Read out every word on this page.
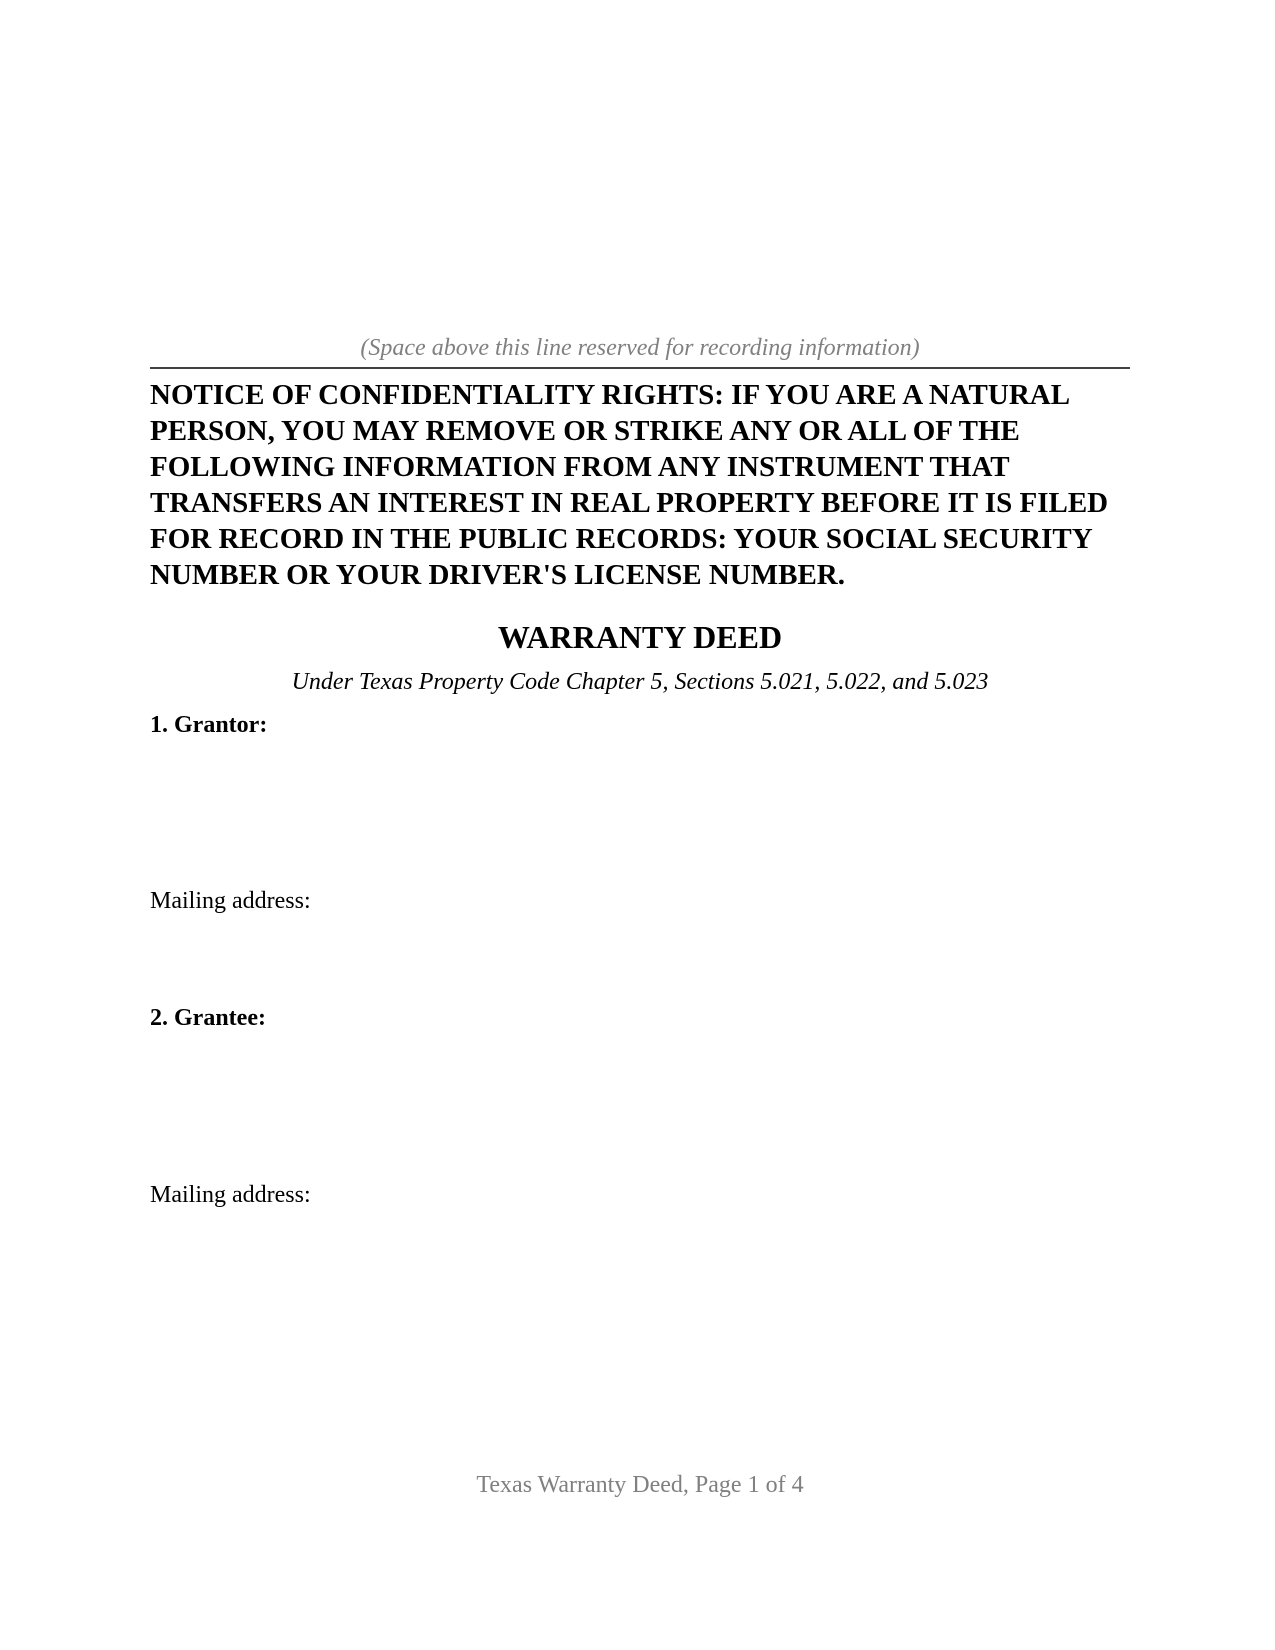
(Space above this line reserved for recording information)

NOTICE OF CONFIDENTIALITY RIGHTS: IF YOU ARE A NATURAL PERSON, YOU MAY REMOVE OR STRIKE ANY OR ALL OF THE FOLLOWING INFORMATION FROM ANY INSTRUMENT THAT TRANSFERS AN INTEREST IN REAL PROPERTY BEFORE IT IS FILED FOR RECORD IN THE PUBLIC RECORDS: YOUR SOCIAL SECURITY NUMBER OR YOUR DRIVER'S LICENSE NUMBER.

WARRANTY DEED
Under Texas Property Code Chapter 5, Sections 5.021, 5.022, and 5.023
1. Grantor:
Mailing address:
2. Grantee:
Mailing address:
Texas Warranty Deed, Page 1 of 4
